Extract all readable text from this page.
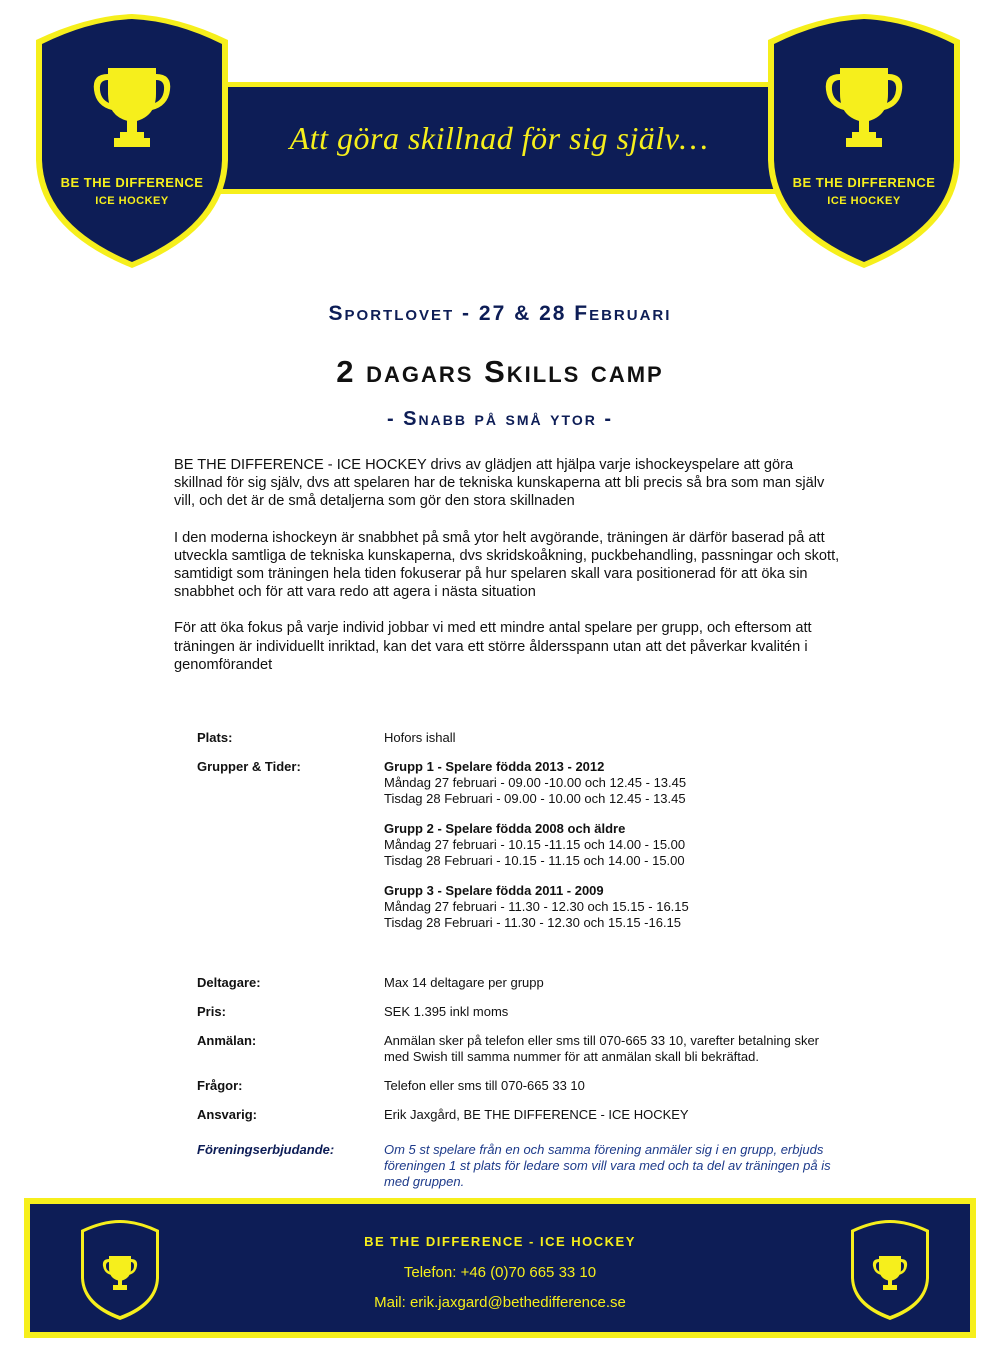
Att göra skillnad för sig själv…
BE THE DIFFERENCE
ICE HOCKEY
BE THE DIFFERENCE
ICE HOCKEY
Sportlovet - 27 & 28 Februari
2 dagars Skills camp
- Snabb på små ytor -

BE THE DIFFERENCE - ICE HOCKEY drivs av glädjen att hjälpa varje ishockeyspelare att göra skillnad för sig själv, dvs att spelaren har de tekniska kunskaperna att bli precis så bra som man själv vill, och det är de små detaljerna som gör den stora skillnaden

I den moderna ishockeyn är snabbhet på små ytor helt avgörande, träningen är därför baserad på att utveckla samtliga de tekniska kunskaperna, dvs skridskoåkning, puckbehandling, passningar och skott, samtidigt som träningen hela tiden fokuserar på hur spelaren skall vara positionerad för att öka sin snabbhet och för att vara redo att agera i nästa situation

För att öka fokus på varje individ jobbar vi med ett mindre antal spelare per grupp, och eftersom att träningen är individuellt inriktad, kan det vara ett större åldersspann utan att det påverkar kvalitén i genomförandet

Plats:	Hofors ishall
Grupper & Tider:	Grupp 1 - Spelare födda 2013 - 2012
Måndag 27 februari - 09.00 -10.00 och 12.45 - 13.45
Tisdag 28 Februari - 09.00 - 10.00 och 12.45 - 13.45
Grupp 2 - Spelare födda 2008 och äldre
Måndag 27 februari - 10.15 -11.15 och 14.00 - 15.00
Tisdag 28 Februari - 10.15 - 11.15 och 14.00 - 15.00
Grupp 3 - Spelare födda 2011 - 2009
Måndag 27 februari - 11.30 - 12.30 och 15.15 - 16.15
Tisdag 28 Februari - 11.30 - 12.30 och 15.15 -16.15
Deltagare:	Max 14 deltagare per grupp
Pris:	SEK 1.395 inkl moms
Anmälan:	Anmälan sker på telefon eller sms till 070-665 33 10, varefter betalning sker med Swish till samma nummer för att anmälan skall bli bekräftad.
Frågor:	Telefon eller sms till 070-665 33 10
Ansvarig:	Erik Jaxgård, BE THE DIFFERENCE - ICE HOCKEY
Föreningserbjudande:	Om 5 st spelare från en och samma förening anmäler sig i en grupp, erbjuds föreningen 1 st plats för ledare som vill vara med och ta del av träningen på is med gruppen.
BE THE DIFFERENCE - ICE HOCKEY
Telefon: +46 (0)70 665 33 10
Mail: erik.jaxgard@bethedifference.se
